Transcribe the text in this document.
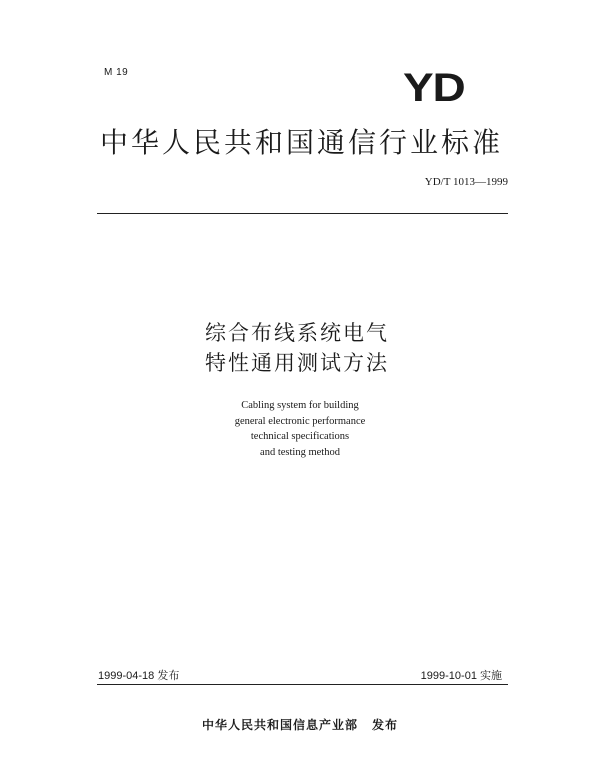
M 19	YD
中华人民共和国通信行业标准
YD/T 1013—1999
综合布线系统电气
特性通用测试方法
Cabling system for building
general electronic performance
technical specifications
and testing method
1999-04-18 发布	1999-10-01 实施
中华人民共和国信息产业部 发布
